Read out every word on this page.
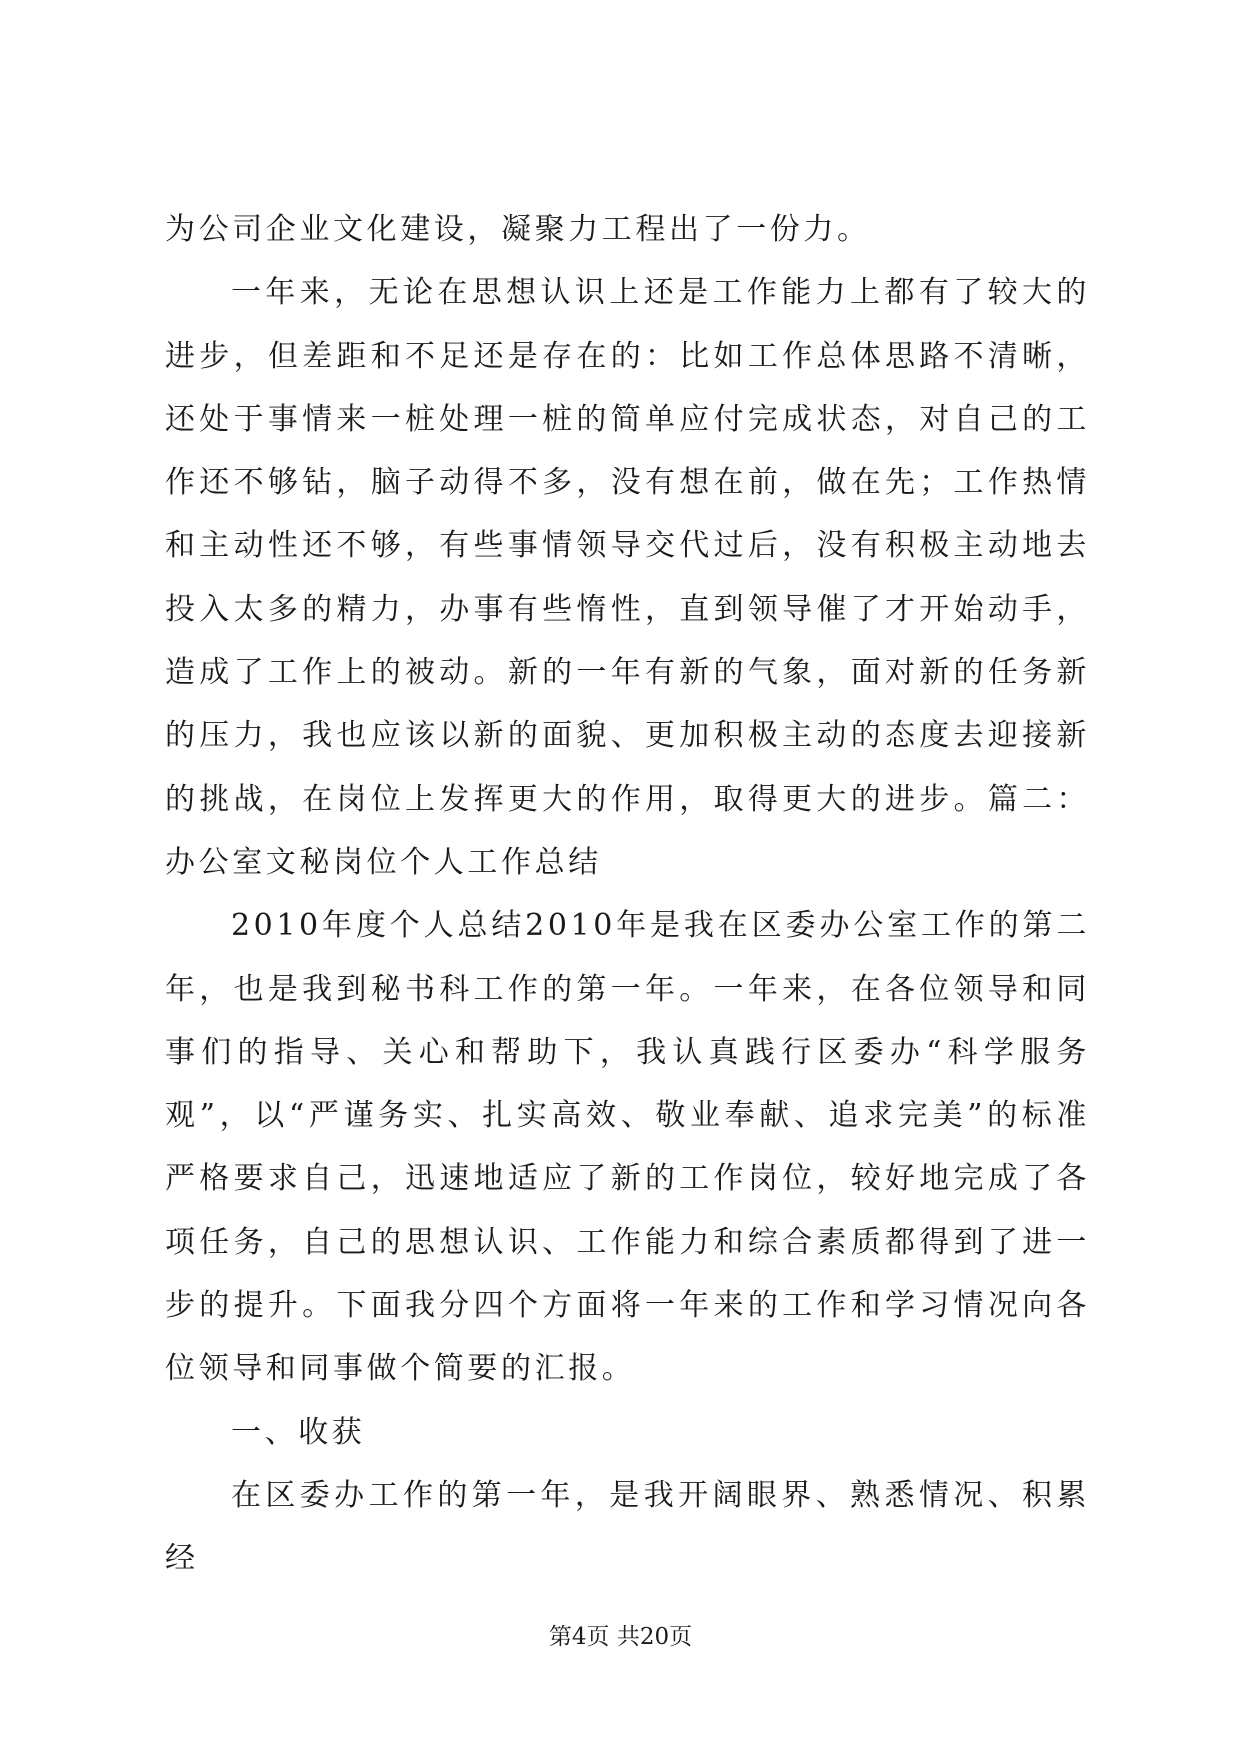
为公司企业文化建设，凝聚力工程出了一份力。

一年来，无论在思想认识上还是工作能力上都有了较大的进步，但差距和不足还是存在的：比如工作总体思路不清晰，还处于事情来一桩处理一桩的简单应付完成状态，对自己的工作还不够钻，脑子动得不多，没有想在前，做在先；工作热情和主动性还不够，有些事情领导交代过后，没有积极主动地去投入太多的精力，办事有些惰性，直到领导催了才开始动手，造成了工作上的被动。新的一年有新的气象，面对新的任务新的压力，我也应该以新的面貌、更加积极主动的态度去迎接新的挑战，在岗位上发挥更大的作用，取得更大的进步。篇二：办公室文秘岗位个人工作总结

2010年度个人总结2010年是我在区委办公室工作的第二年，也是我到秘书科工作的第一年。一年来，在各位领导和同事们的指导、关心和帮助下，我认真践行区委办“科学服务观”，以“严谨务实、扎实高效、敬业奉献、追求完美”的标准严格要求自己，迅速地适应了新的工作岗位，较好地完成了各项任务，自己的思想认识、工作能力和综合素质都得到了进一步的提升。下面我分四个方面将一年来的工作和学习情况向各位领导和同事做个简要的汇报。

一、收获

在区委办工作的第一年，是我开阔眼界、熟悉情况、积累经

第4页 共20页
